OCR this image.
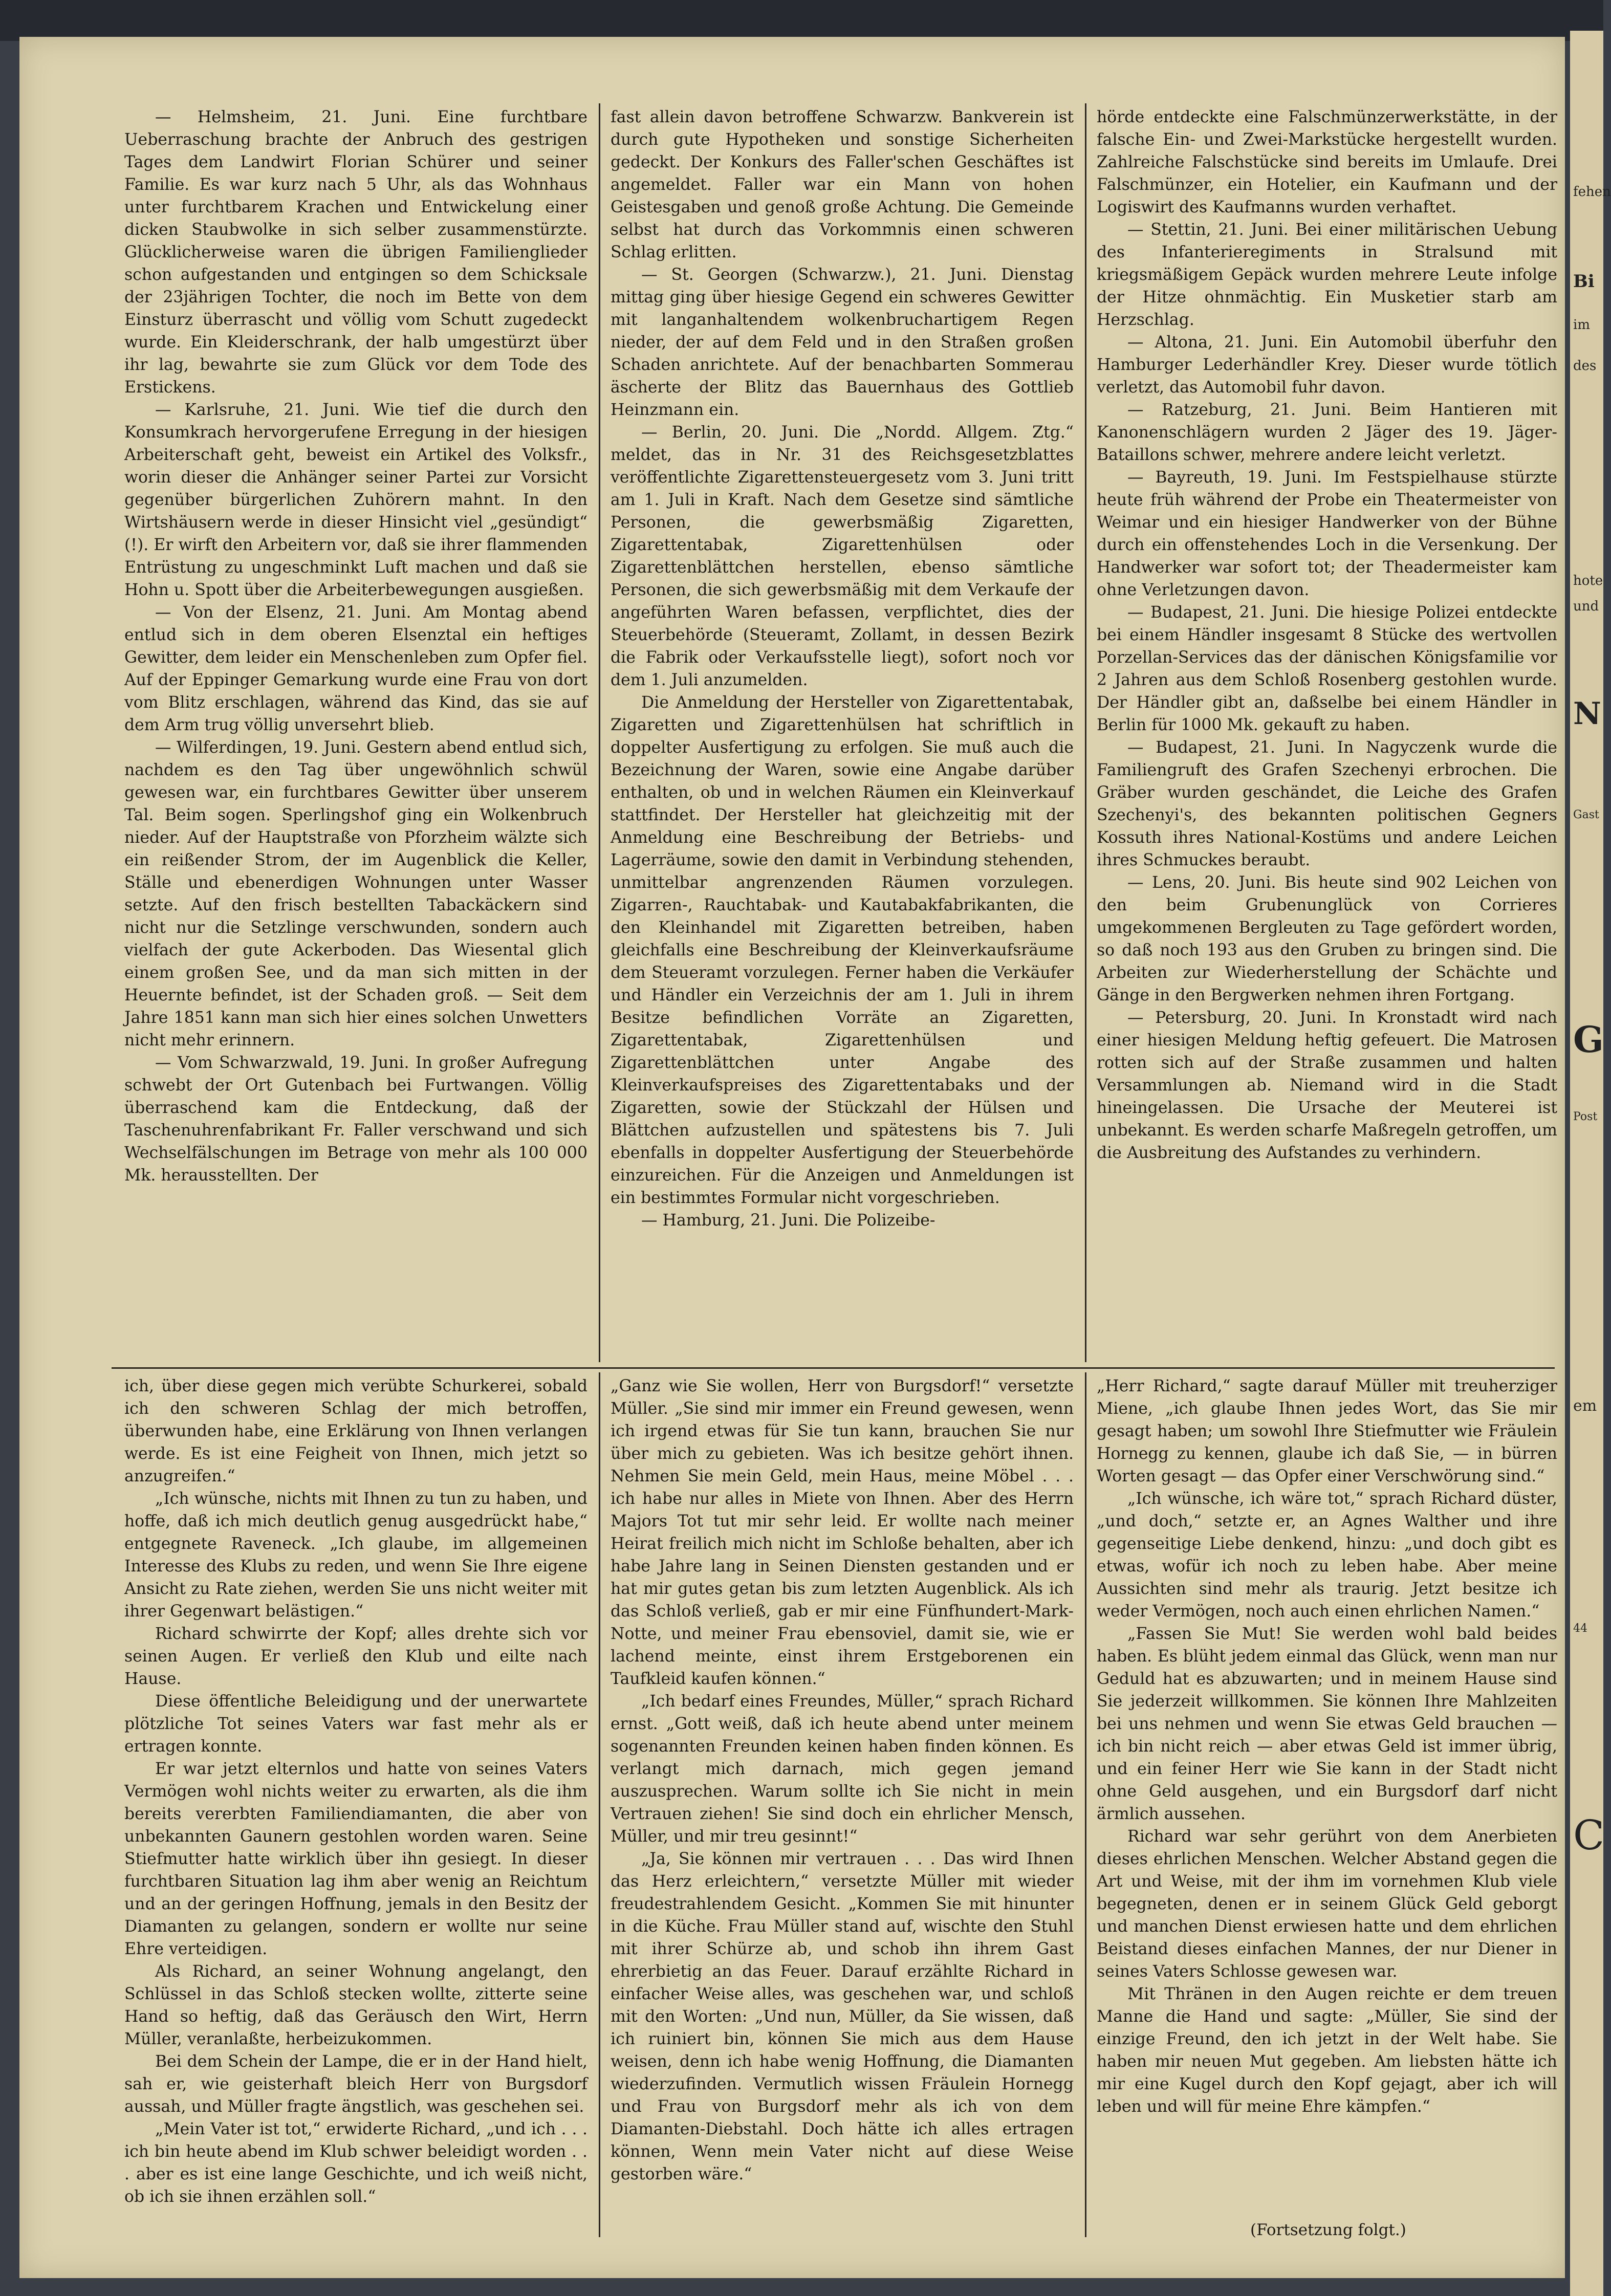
— Helmsheim, 21. Juni. Eine furchtbare Ueberraschung brachte der Anbruch des gestrigen Tages dem Landwirt Florian Schürer und seiner Familie. Es war kurz nach 5 Uhr, als das Wohnhaus unter furchtbarem Krachen und Entwickelung einer dicken Staubwolke in sich selber zusammenstürzte. Glücklicherweise waren die übrigen Familienglieder schon aufgestanden und entgingen so dem Schicksale der 23jährigen Tochter, die noch im Bette von dem Einsturz überrascht und völlig vom Schutt zugedeckt wurde. Ein Kleiderschrank, der halb umgestürzt über ihr lag, bewahrte sie zum Glück vor dem Tode des Erstickens.

— Karlsruhe, 21. Juni. Wie tief die durch den Konsumkrach hervorgerufene Erregung in der hiesigen Arbeiterschaft geht, beweist ein Artikel des Volksfr., worin dieser die Anhänger seiner Partei zur Vorsicht gegenüber bürgerlichen Zuhörern mahnt. In den Wirtshäusern werde in dieser Hinsicht viel „gesündigt“ (!). Er wirft den Arbeitern vor, daß sie ihrer flammenden Entrüstung zu ungeschminkt Luft machen und daß sie Hohn u. Spott über die Arbeiterbewegungen ausgießen.

— Von der Elsenz, 21. Juni. Am Montag abend entlud sich in dem oberen Elsenztal ein heftiges Gewitter, dem leider ein Menschenleben zum Opfer fiel. Auf der Eppinger Gemarkung wurde eine Frau von dort vom Blitz erschlagen, während das Kind, das sie auf dem Arm trug völlig unversehrt blieb.

— Wilferdingen, 19. Juni. Gestern abend entlud sich, nachdem es den Tag über ungewöhnlich schwül gewesen war, ein furchtbares Gewitter über unserem Tal. Beim sogen. Sperlingshof ging ein Wolkenbruch nieder. Auf der Hauptstraße von Pforzheim wälzte sich ein reißender Strom, der im Augenblick die Keller, Ställe und ebenerdigen Wohnungen unter Wasser setzte. Auf den frisch bestellten Tabackäckern sind nicht nur die Setzlinge verschwunden, sondern auch vielfach der gute Ackerboden. Das Wiesental glich einem großen See, und da man sich mitten in der Heuernte befindet, ist der Schaden groß. — Seit dem Jahre 1851 kann man sich hier eines solchen Unwetters nicht mehr erinnern.

— Vom Schwarzwald, 19. Juni. In großer Aufregung schwebt der Ort Gutenbach bei Furtwangen. Völlig überraschend kam die Entdeckung, daß der Taschenuhrenfabrikant Fr. Faller verschwand und sich Wechselfälschungen im Betrage von mehr als 100 000 Mk. herausstellten. Der

fast allein davon betroffene Schwarzw. Bankverein ist durch gute Hypotheken und sonstige Sicherheiten gedeckt. Der Konkurs des Faller'schen Geschäftes ist angemeldet. Faller war ein Mann von hohen Geistesgaben und genoß große Achtung. Die Gemeinde selbst hat durch das Vorkommnis einen schweren Schlag erlitten.

— St. Georgen (Schwarzw.), 21. Juni. Dienstag mittag ging über hiesige Gegend ein schweres Gewitter mit langanhaltendem wolkenbruchartigem Regen nieder, der auf dem Feld und in den Straßen großen Schaden anrichtete. Auf der benachbarten Sommerau äscherte der Blitz das Bauernhaus des Gottlieb Heinzmann ein.

— Berlin, 20. Juni. Die „Nordd. Allgem. Ztg.“ meldet, das in Nr. 31 des Reichsgesetzblattes veröffentlichte Zigarettensteuergesetz vom 3. Juni tritt am 1. Juli in Kraft. Nach dem Gesetze sind sämtliche Personen, die gewerbsmäßig Zigaretten, Zigarettentabak, Zigarettenhülsen oder Zigarettenblättchen herstellen, ebenso sämtliche Personen, die sich gewerbsmäßig mit dem Verkaufe der angeführten Waren befassen, verpflichtet, dies der Steuerbehörde (Steueramt, Zollamt, in dessen Bezirk die Fabrik oder Verkaufsstelle liegt), sofort noch vor dem 1. Juli anzumelden.

Die Anmeldung der Hersteller von Zigarettentabak, Zigaretten und Zigarettenhülsen hat schriftlich in doppelter Ausfertigung zu erfolgen. Sie muß auch die Bezeichnung der Waren, sowie eine Angabe darüber enthalten, ob und in welchen Räumen ein Kleinverkauf stattfindet. Der Hersteller hat gleichzeitig mit der Anmeldung eine Beschreibung der Betriebs- und Lagerräume, sowie den damit in Verbindung stehenden, unmittelbar angrenzenden Räumen vorzulegen. Zigarren-, Rauchtabak- und Kautabakfabrikanten, die den Kleinhandel mit Zigaretten betreiben, haben gleichfalls eine Beschreibung der Kleinverkaufsräume dem Steueramt vorzulegen. Ferner haben die Verkäufer und Händler ein Verzeichnis der am 1. Juli in ihrem Besitze befindlichen Vorräte an Zigaretten, Zigarettentabak, Zigarettenhülsen und Zigarettenblättchen unter Angabe des Kleinverkaufspreises des Zigarettentabaks und der Zigaretten, sowie der Stückzahl der Hülsen und Blättchen aufzustellen und spätestens bis 7. Juli ebenfalls in doppelter Ausfertigung der Steuerbehörde einzureichen. Für die Anzeigen und Anmeldungen ist ein bestimmtes Formular nicht vorgeschrieben.

— Hamburg, 21. Juni. Die Polizeibe-

hörde entdeckte eine Falschmünzerwerkstätte, in der falsche Ein- und Zwei-Markstücke hergestellt wurden. Zahlreiche Falschstücke sind bereits im Umlaufe. Drei Falschmünzer, ein Hotelier, ein Kaufmann und der Logiswirt des Kaufmanns wurden verhaftet.

— Stettin, 21. Juni. Bei einer militärischen Uebung des Infanterieregiments in Stralsund mit kriegsmäßigem Gepäck wurden mehrere Leute infolge der Hitze ohnmächtig. Ein Musketier starb am Herzschlag.

— Altona, 21. Juni. Ein Automobil überfuhr den Hamburger Lederhändler Krey. Dieser wurde tötlich verletzt, das Automobil fuhr davon.

— Ratzeburg, 21. Juni. Beim Hantieren mit Kanonenschlägern wurden 2 Jäger des 19. Jäger-Bataillons schwer, mehrere andere leicht verletzt.

— Bayreuth, 19. Juni. Im Festspielhause stürzte heute früh während der Probe ein Theatermeister von Weimar und ein hiesiger Handwerker von der Bühne durch ein offenstehendes Loch in die Versenkung. Der Handwerker war sofort tot; der Theadermeister kam ohne Verletzungen davon.

— Budapest, 21. Juni. Die hiesige Polizei entdeckte bei einem Händler insgesamt 8 Stücke des wertvollen Porzellan-Services das der dänischen Königsfamilie vor 2 Jahren aus dem Schloß Rosenberg gestohlen wurde. Der Händler gibt an, daßselbe bei einem Händler in Berlin für 1000 Mk. gekauft zu haben.

— Budapest, 21. Juni. In Nagyczenk wurde die Familiengruft des Grafen Szechenyi erbrochen. Die Gräber wurden geschändet, die Leiche des Grafen Szechenyi's, des bekannten politischen Gegners Kossuth ihres National-Kostüms und andere Leichen ihres Schmuckes beraubt.

— Lens, 20. Juni. Bis heute sind 902 Leichen von den beim Grubenunglück von Corrieres umgekommenen Bergleuten zu Tage gefördert worden, so daß noch 193 aus den Gruben zu bringen sind. Die Arbeiten zur Wiederherstellung der Schächte und Gänge in den Bergwerken nehmen ihren Fortgang.

— Petersburg, 20. Juni. In Kronstadt wird nach einer hiesigen Meldung heftig gefeuert. Die Matrosen rotten sich auf der Straße zusammen und halten Versammlungen ab. Niemand wird in die Stadt hineingelassen. Die Ursache der Meuterei ist unbekannt. Es werden scharfe Maßregeln getroffen, um die Ausbreitung des Aufstandes zu verhindern.

ich, über diese gegen mich verübte Schurkerei, sobald ich den schweren Schlag der mich betroffen, überwunden habe, eine Erklärung von Ihnen verlangen werde. Es ist eine Feigheit von Ihnen, mich jetzt so anzugreifen.“

„Ich wünsche, nichts mit Ihnen zu tun zu haben, und hoffe, daß ich mich deutlich genug ausgedrückt habe,“ entgegnete Raveneck. „Ich glaube, im allgemeinen Interesse des Klubs zu reden, und wenn Sie Ihre eigene Ansicht zu Rate ziehen, werden Sie uns nicht weiter mit ihrer Gegenwart belästigen.“

Richard schwirrte der Kopf; alles drehte sich vor seinen Augen. Er verließ den Klub und eilte nach Hause.

Diese öffentliche Beleidigung und der unerwartete plötzliche Tot seines Vaters war fast mehr als er ertragen konnte.

Er war jetzt elternlos und hatte von seines Vaters Vermögen wohl nichts weiter zu erwarten, als die ihm bereits vererbten Familiendiamanten, die aber von unbekannten Gaunern gestohlen worden waren. Seine Stiefmutter hatte wirklich über ihn gesiegt. In dieser furchtbaren Situation lag ihm aber wenig an Reichtum und an der geringen Hoffnung, jemals in den Besitz der Diamanten zu gelangen, sondern er wollte nur seine Ehre verteidigen.

Als Richard, an seiner Wohnung angelangt, den Schlüssel in das Schloß stecken wollte, zitterte seine Hand so heftig, daß das Geräusch den Wirt, Herrn Müller, veranlaßte, herbeizukommen.

Bei dem Schein der Lampe, die er in der Hand hielt, sah er, wie geisterhaft bleich Herr von Burgsdorf aussah, und Müller fragte ängstlich, was geschehen sei.

„Mein Vater ist tot,“ erwiderte Richard, „und ich . . . ich bin heute abend im Klub schwer beleidigt worden . . . aber es ist eine lange Geschichte, und ich weiß nicht, ob ich sie ihnen erzählen soll.“

„Ganz wie Sie wollen, Herr von Burgsdorf!“ versetzte Müller. „Sie sind mir immer ein Freund gewesen, wenn ich irgend etwas für Sie tun kann, brauchen Sie nur über mich zu gebieten. Was ich besitze gehört ihnen. Nehmen Sie mein Geld, mein Haus, meine Möbel . . . ich habe nur alles in Miete von Ihnen. Aber des Herrn Majors Tot tut mir sehr leid. Er wollte nach meiner Heirat freilich mich nicht im Schloße behalten, aber ich habe Jahre lang in Seinen Diensten gestanden und er hat mir gutes getan bis zum letzten Augenblick. Als ich das Schloß verließ, gab er mir eine Fünfhundert-Mark-Notte, und meiner Frau ebensoviel, damit sie, wie er lachend meinte, einst ihrem Erstgeborenen ein Taufkleid kaufen können.“

„Ich bedarf eines Freundes, Müller,“ sprach Richard ernst. „Gott weiß, daß ich heute abend unter meinem sogenannten Freunden keinen haben finden können. Es verlangt mich darnach, mich gegen jemand auszusprechen. Warum sollte ich Sie nicht in mein Vertrauen ziehen! Sie sind doch ein ehrlicher Mensch, Müller, und mir treu gesinnt!“

„Ja, Sie können mir vertrauen . . . Das wird Ihnen das Herz erleichtern,“ versetzte Müller mit wieder freudestrahlendem Gesicht. „Kommen Sie mit hinunter in die Küche. Frau Müller stand auf, wischte den Stuhl mit ihrer Schürze ab, und schob ihn ihrem Gast ehrerbietig an das Feuer. Darauf erzählte Richard in einfacher Weise alles, was geschehen war, und schloß mit den Worten: „Und nun, Müller, da Sie wissen, daß ich ruiniert bin, können Sie mich aus dem Hause weisen, denn ich habe wenig Hoffnung, die Diamanten wiederzufinden. Vermutlich wissen Fräulein Hornegg und Frau von Burgsdorf mehr als ich von dem Diamanten-Diebstahl. Doch hätte ich alles ertragen können, Wenn mein Vater nicht auf diese Weise gestorben wäre.“

„Herr Richard,“ sagte darauf Müller mit treuherziger Miene, „ich glaube Ihnen jedes Wort, das Sie mir gesagt haben; um sowohl Ihre Stiefmutter wie Fräulein Hornegg zu kennen, glaube ich daß Sie, — in bürren Worten gesagt — das Opfer einer Verschwörung sind.“

„Ich wünsche, ich wäre tot,“ sprach Richard düster, „und doch,“ setzte er, an Agnes Walther und ihre gegenseitige Liebe denkend, hinzu: „und doch gibt es etwas, wofür ich noch zu leben habe. Aber meine Aussichten sind mehr als traurig. Jetzt besitze ich weder Vermögen, noch auch einen ehrlichen Namen.“

„Fassen Sie Mut! Sie werden wohl bald beides haben. Es blüht jedem einmal das Glück, wenn man nur Geduld hat es abzuwarten; und in meinem Hause sind Sie jederzeit willkommen. Sie können Ihre Mahlzeiten bei uns nehmen und wenn Sie etwas Geld brauchen — ich bin nicht reich — aber etwas Geld ist immer übrig, und ein feiner Herr wie Sie kann in der Stadt nicht ohne Geld ausgehen, und ein Burgsdorf darf nicht ärmlich aussehen.

Richard war sehr gerührt von dem Anerbieten dieses ehrlichen Menschen. Welcher Abstand gegen die Art und Weise, mit der ihm im vornehmen Klub viele begegneten, denen er in seinem Glück Geld geborgt und manchen Dienst erwiesen hatte und dem ehrlichen Beistand dieses einfachen Mannes, der nur Diener in seines Vaters Schlosse gewesen war.

Mit Thränen in den Augen reichte er dem treuen Manne die Hand und sagte: „Müller, Sie sind der einzige Freund, den ich jetzt in der Welt habe. Sie haben mir neuen Mut gegeben. Am liebsten hätte ich mir eine Kugel durch den Kopf gejagt, aber ich will leben und will für meine Ehre kämpfen.“

(Fortsetzung folgt.)
fehen
Bi
im
des
hote
und
N
Gast
G
Post
em
44
C
